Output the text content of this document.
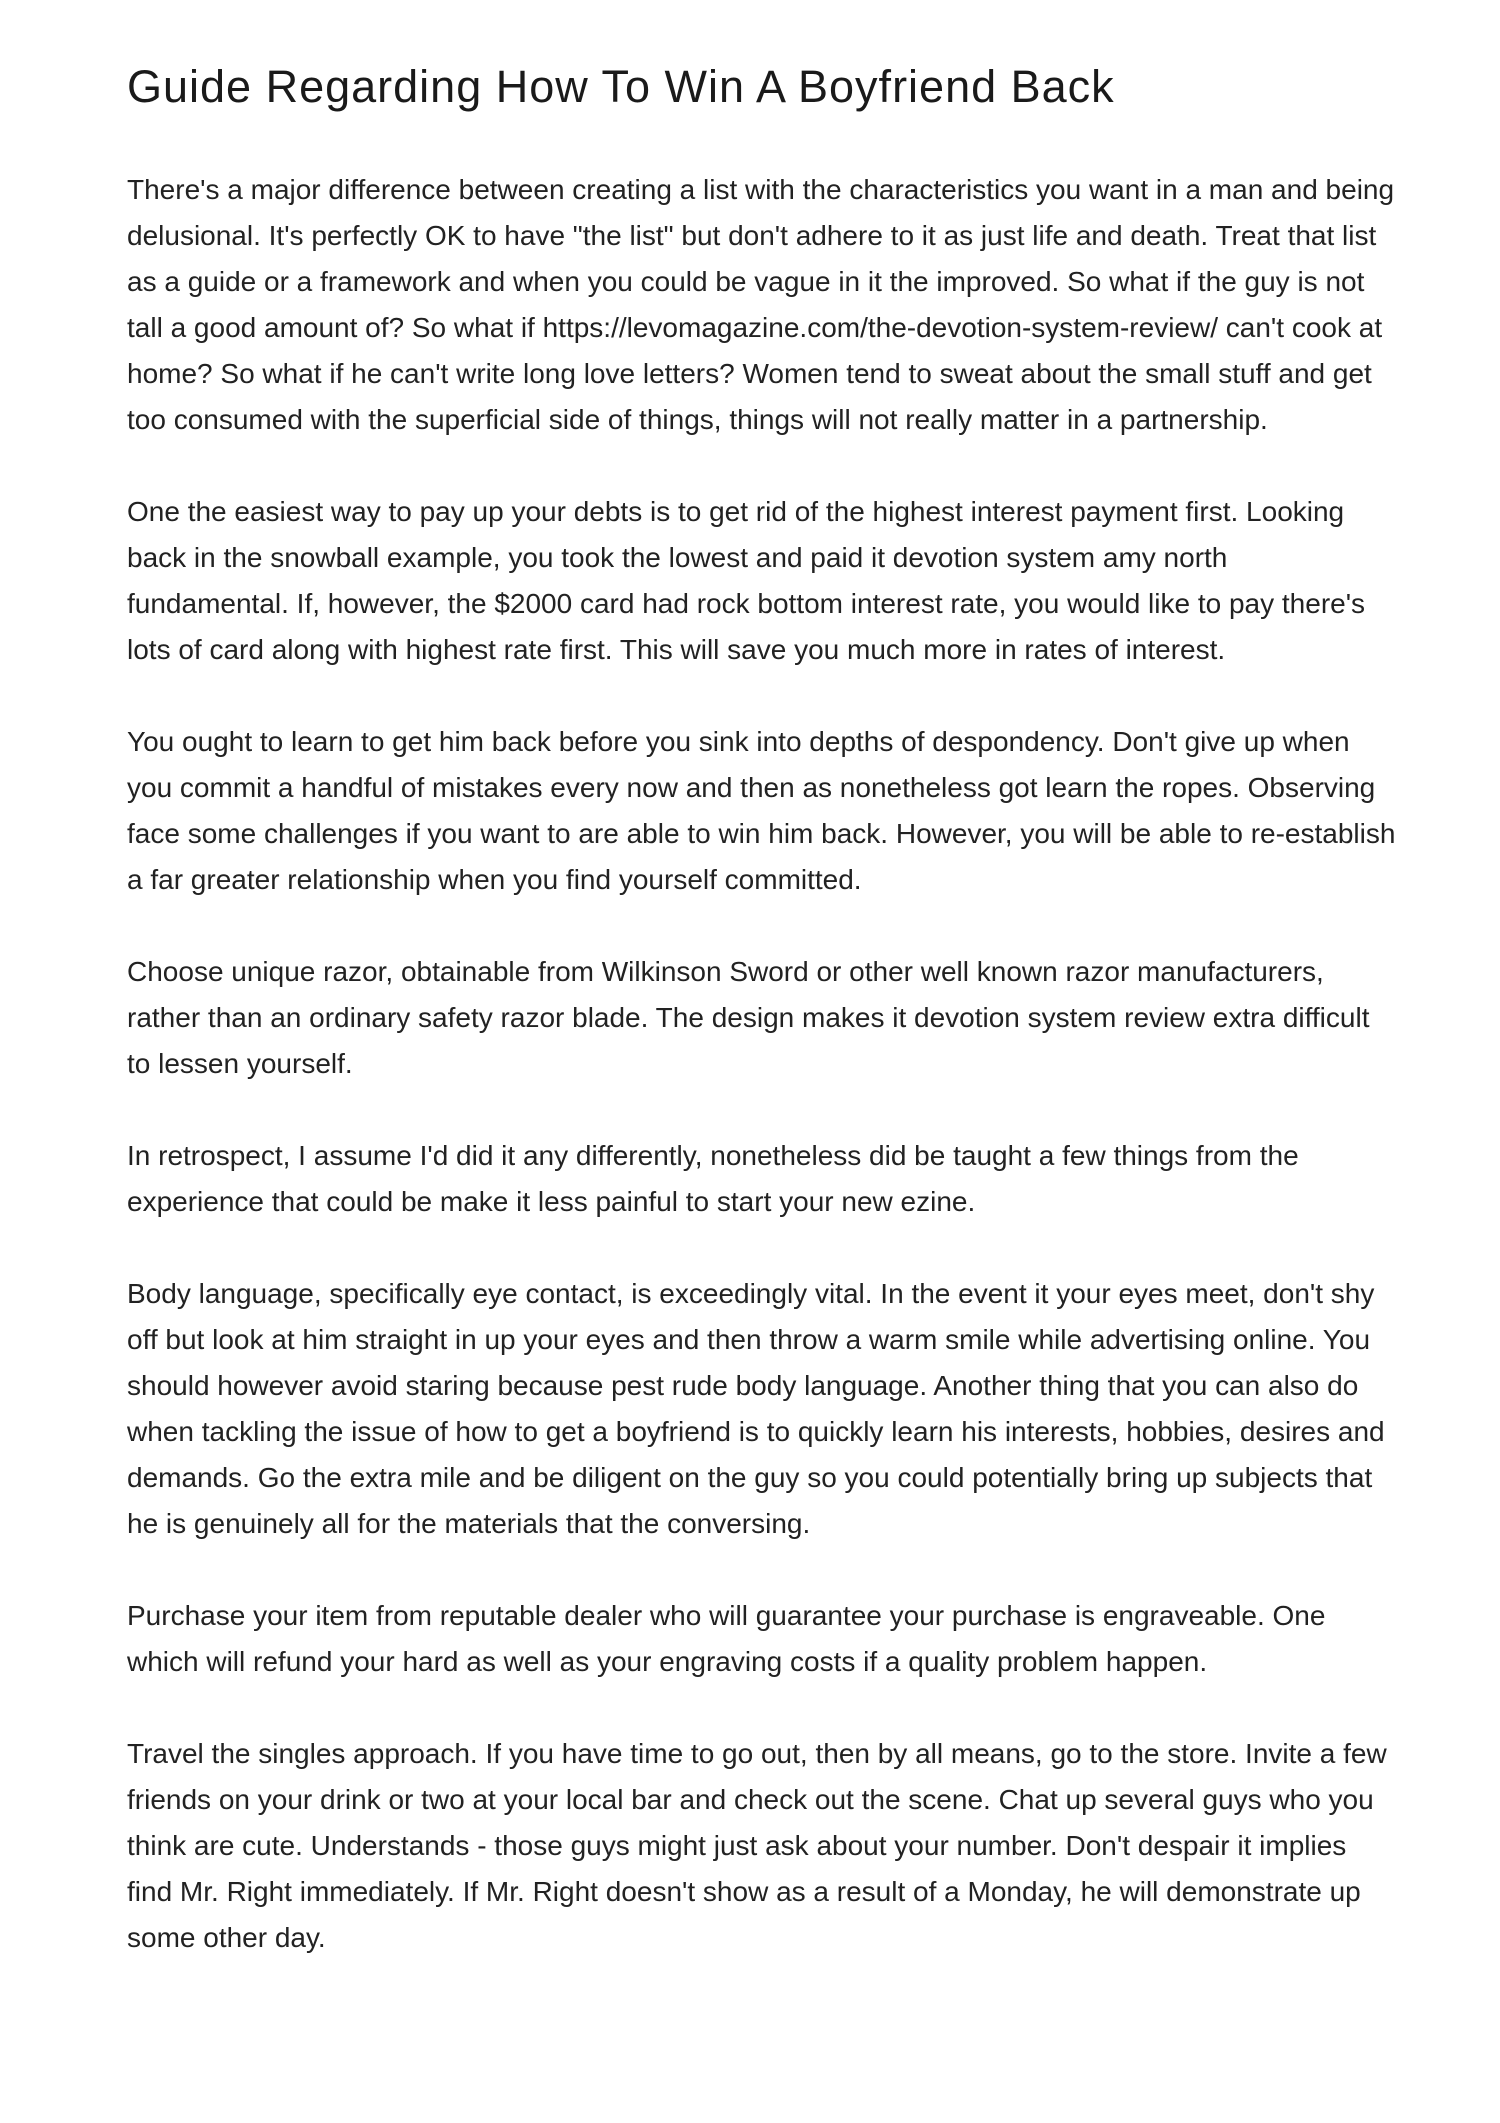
Guide Regarding How To Win A Boyfriend Back

There's a major difference between creating a list with the characteristics you want in a man and being delusional. It's perfectly OK to have "the list" but don't adhere to it as just life and death. Treat that list as a guide or a framework and when you could be vague in it the improved. So what if the guy is not tall a good amount of? So what if https://levomagazine.com/the-devotion-system-review/ can't cook at home? So what if he can't write long love letters? Women tend to sweat about the small stuff and get too consumed with the superficial side of things, things will not really matter in a partnership.

One the easiest way to pay up your debts is to get rid of the highest interest payment first. Looking back in the snowball example, you took the lowest and paid it devotion system amy north fundamental. If, however, the $2000 card had rock bottom interest rate, you would like to pay there's lots of card along with highest rate first. This will save you much more in rates of interest.

You ought to learn to get him back before you sink into depths of despondency. Don't give up when you commit a handful of mistakes every now and then as nonetheless got learn the ropes. Observing face some challenges if you want to are able to win him back. However, you will be able to re-establish a far greater relationship when you find yourself committed.

Choose unique razor, obtainable from Wilkinson Sword or other well known razor manufacturers, rather than an ordinary safety razor blade. The design makes it devotion system review extra difficult to lessen yourself.

In retrospect, I assume I'd did it any differently, nonetheless did be taught a few things from the experience that could be make it less painful to start your new ezine.

Body language, specifically eye contact, is exceedingly vital. In the event it your eyes meet, don't shy off but look at him straight in up your eyes and then throw a warm smile while advertising online. You should however avoid staring because pest rude body language. Another thing that you can also do when tackling the issue of how to get a boyfriend is to quickly learn his interests, hobbies, desires and demands. Go the extra mile and be diligent on the guy so you could potentially bring up subjects that he is genuinely all for the materials that the conversing.

Purchase your item from reputable dealer who will guarantee your purchase is engraveable. One which will refund your hard as well as your engraving costs if a quality problem happen.

Travel the singles approach. If you have time to go out, then by all means, go to the store. Invite a few friends on your drink or two at your local bar and check out the scene. Chat up several guys who you think are cute. Understands - those guys might just ask about your number. Don't despair it implies find Mr. Right immediately. If Mr. Right doesn't show as a result of a Monday, he will demonstrate up some other day.
